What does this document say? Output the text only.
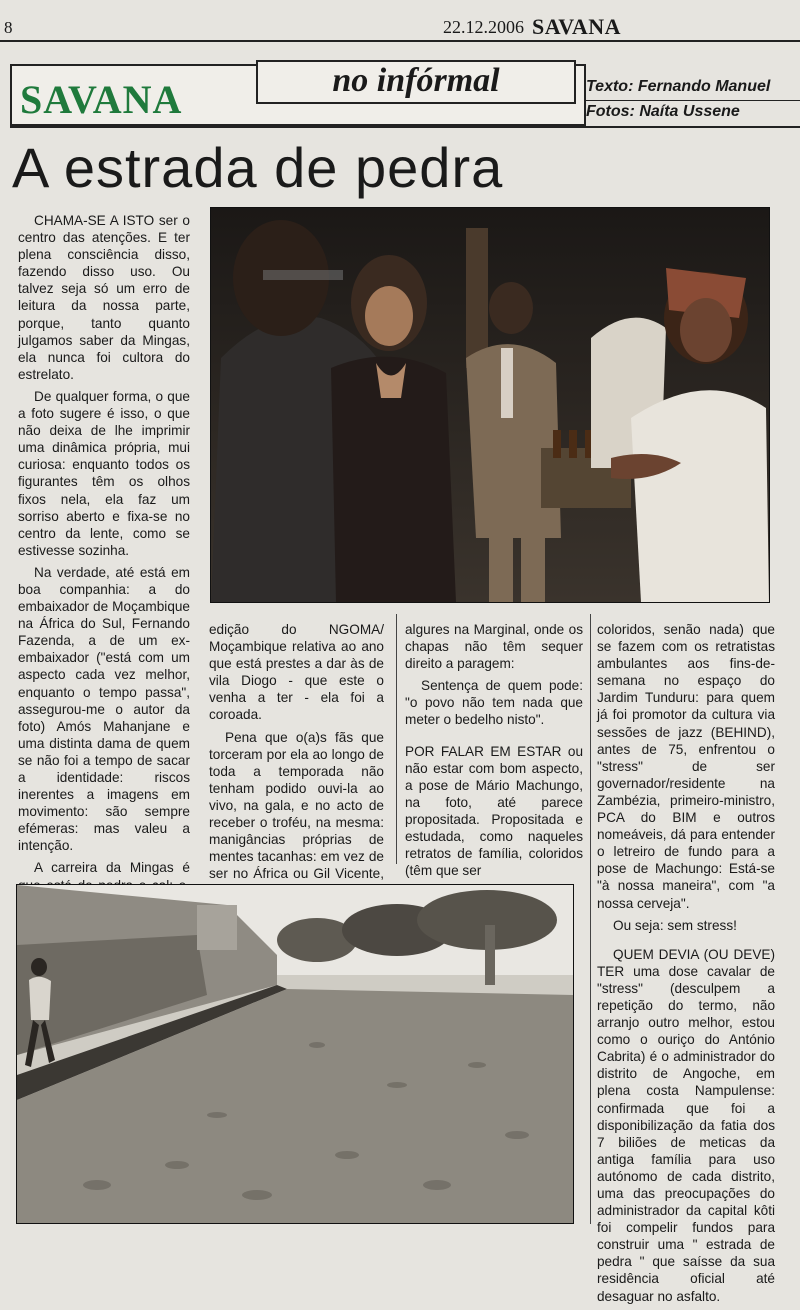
8	22.12.2006 SAVANA
SAVANA	no infórmal	Texto: Fernando Manuel
Fotos: Naíta Ussene
A estrada de pedra

CHAMA-SE A ISTO ser o centro das atenções. E ter plena consciência disso, fazendo disso uso. Ou talvez seja só um erro de leitura da nossa parte, porque, tanto quanto julgamos saber da Mingas, ela nunca foi cultora do estrelato.

De qualquer forma, o que a foto sugere é isso, o que não deixa de lhe imprimir uma dinâmica própria, mui curiosa: enquanto todos os figurantes têm os olhos fixos nela, ela faz um sorriso aberto e fixa-se no centro da lente, como se estivesse sozinha.

Na verdade, até está em boa companhia: a do embaixador de Moçambique na África do Sul, Fernando Fazenda, a de um ex-embaixador ("está com um aspecto cada vez melhor, enquanto o tempo passa", assegurou-me o autor da foto) Amós Mahanjane e uma distinta dama de quem se não foi a tempo de sacar a identidade: riscos inerentes a imagens em movimento: são sempre efémeras: mas valeu a intenção.

A carreira da Mingas é

edição do NGOMA/ Moçambique relativa ao ano que está prestes a dar às de vila Diogo - que este o venha a ter - ela foi a coroada.

Pena que o(a)s fãs que torceram por ela ao longo de toda a temporada não tenham podido ouvi-la ao vivo, na gala, e no acto de receber o troféu, na mesma: manigâncias próprias de mentes tacanhas: em vez de ser no África ou Gil Vicente,

algures na Marginal, onde os chapas não têm sequer direito a paragem:

Sentença de quem pode: "o povo não tem nada que meter o bedelho nisto".

POR FALAR EM ESTAR ou não estar com bom aspecto, a pose de Mário Machungo, na foto, até parece propositada. Propositada e estudada, como naqueles retratos de família, coloridos (têm que ser

coloridos, senão nada) que se fazem com os retratistas ambulantes aos fins-de-semana no espaço do Jardim Tunduru: para quem já foi promotor da cultura via sessões de jazz (BEHIND), antes de 75, enfrentou o "stress" de ser governador/residente na Zambézia, primeiro-ministro, PCA do BIM e outros nomeáveis, dá para entender o letreiro de fundo para a pose de Machungo: Está-se "à nossa maneira", com "a nossa cerveja".

Ou seja: sem stress!

QUEM DEVIA (OU DEVE) TER uma dose cavalar de "stress" (desculpem a repetição do termo, não arranjo outro melhor, estou como o ouriço do António Cabrita) é o administrador do distrito de Angoche, em plena costa Nampulense: confirmada que foi a disponibilização da fatia dos 7 biliões de meticas da antiga família para uso autónomo de cada distrito, uma das preocupações do administrador da capital kôti foi compelir fundos para construir uma " estrada de pedra " que saísse da sua residência oficial até desaguar no asfalto.
